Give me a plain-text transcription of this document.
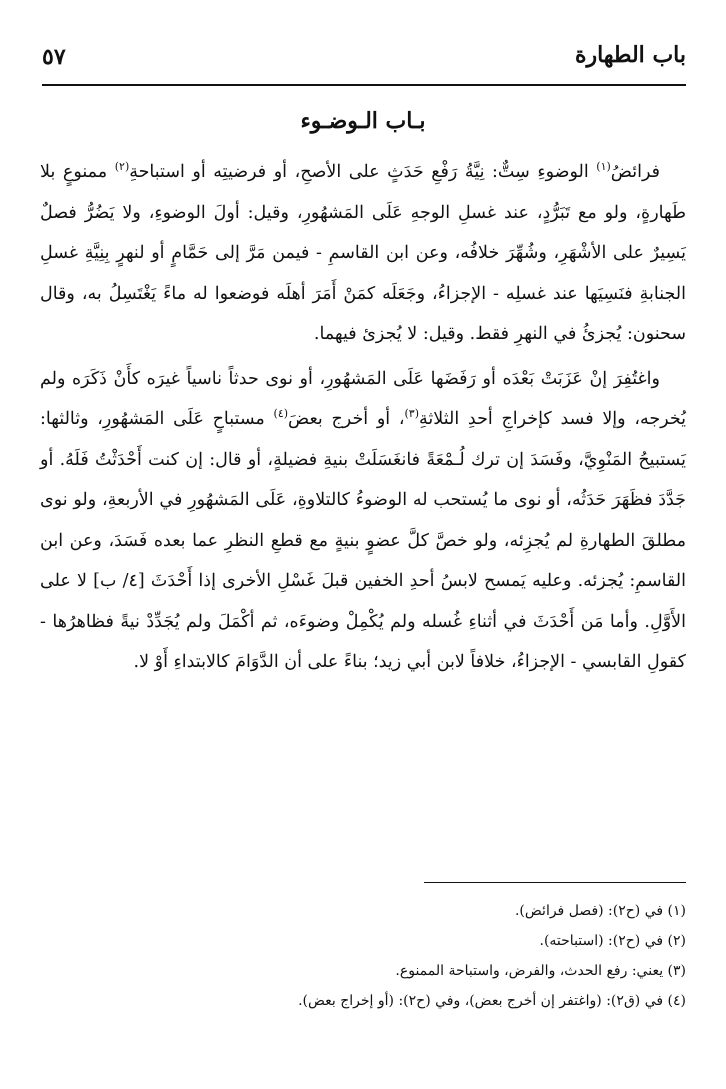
باب الطهارة
٥٧
بـاب الـوضـوء

فرائضُ$^{(١)}$ الوضوءِ سِتٌّ: نِيَّةُ رَفْعِ حَدَثٍ على الأصحِ، أو فرضيتِه أو استباحةِ$^{(٢)}$ ممنوعٍ بلا طَهارةٍ، ولو مع تَبَرُّدٍ، عند غسلِ الوجهِ عَلَى المَشهُورِ، وقيل: أولَ الوضوءِ، ولا يَضُرُّ فصلٌ يَسِيرٌ على الأشْهَرِ، وشُهِّرَ خلافُه، وعن ابن القاسمِ - فيمن مَرَّ إلى حَمَّامٍ أو لنهرٍ بِنِيَّةِ غسلِ الجنابةِ فنَسِيَها عند غسلِه - الإجزاءُ، وجَعَلَه كمَنْ أَمَرَ أهلَه فوضعوا له ماءً يَغْتَسِلُ به، وقال سحنون: يُجزئُ في النهرِ فقط. وقيل: لا يُجزئ فيهما.

واغتُفِرَ إنْ عَزَبَتْ بَعْدَه أو رَفَضَها عَلَى المَشهُورِ، أو نوى حدثاً ناسياً غيرَه كأَنْ ذَكَرَه ولم يُخرجه، وإلا فسد كإخراجِ أحدِ الثلاثةِ$^{(٣)}$، أو أخرج بعضَ$^{(٤)}$ مستباحٍ عَلَى المَشهُورِ، وثالثها: يَستبيحُ المَنْوِيَّ، وفَسَدَ إن ترك لُـمْعَةً فانغَسَلَتْ بنيةِ فضيلةٍ، أو قال: إن كنت أَحْدَثْتُ فَلَهُ. أو جَدَّدَ فظَهَرَ حَدَثُه، أو نوى ما يُستحب له الوضوءُ كالتلاوةِ، عَلَى المَشهُورِ في الأربعةِ، ولو نوى مطلقَ الطهارةِ لم يُجزِئه، ولو خصَّ كلَّ عضوٍ بنيةٍ مع قطعِ النظرِ عما بعده فَسَدَ، وعن ابن القاسمِ: يُجزئه. وعليه يَمسح لابسُ أحدِ الخفين قبلَ غَسْلِ الأخرى إذا أَحْدَثَ [٤/ ب] لا على الأَوَّلِ. وأما مَن أَحْدَثَ في أثناءِ غُسله ولم يُكْمِلْ وضوءَه، ثم أكْمَلَ ولم يُجَدِّدْ نيةً فظاهرُها - كقولِ القابسي - الإجزاءُ، خلافاً لابن أبي زيد؛ بناءً على أن الدَّوَامَ كالابتداءِ أَوْ لا.

(١) في (ح٢): (فصل فرائض).
(٢) في (ح٢): (استباحته).
(٣) يعني: رفع الحدث، والفرض، واستباحة الممنوع.
(٤) في (ق٢): (واغتفر إن أخرج بعض)، وفي (ح٢): (أو إخراج بعض).
